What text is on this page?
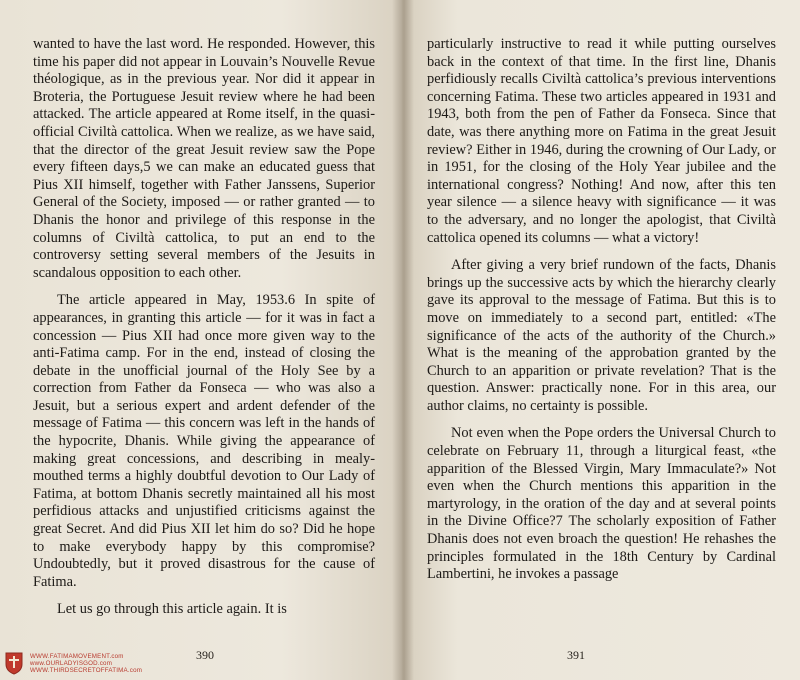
wanted to have the last word. He responded. However, this time his paper did not appear in Louvain’s Nouvelle Revue théologique, as in the previous year. Nor did it appear in Broteria, the Portuguese Jesuit review where he had been attacked. The article appeared at Rome itself, in the quasi-official Civiltà cattolica. When we realize, as we have said, that the director of the great Jesuit review saw the Pope every fifteen days,5 we can make an educated guess that Pius XII himself, together with Father Janssens, Superior General of the Society, imposed — or rather granted — to Dhanis the honor and privilege of this response in the columns of Civiltà cattolica, to put an end to the controversy setting several members of the Jesuits in scandalous opposition to each other.

The article appeared in May, 1953.6 In spite of appearances, in granting this article — for it was in fact a concession — Pius XII had once more given way to the anti-Fatima camp. For in the end, instead of closing the debate in the unofficial journal of the Holy See by a correction from Father da Fonseca — who was also a Jesuit, but a serious expert and ardent defender of the message of Fatima — this concern was left in the hands of the hypocrite, Dhanis. While giving the appearance of making great concessions, and describing in mealy-mouthed terms a highly doubtful devotion to Our Lady of Fatima, at bottom Dhanis secretly maintained all his most perfidious attacks and unjustified criticisms against the great Secret. And did Pius XII let him do so? Did he hope to make everybody happy by this compromise? Undoubtedly, but it proved disastrous for the cause of Fatima.

Let us go through this article again. It is

390
WWW.FATIMAMOVEMENT.com
www.OURLADYISGOD.com
WWW.THIRDSECRETOFFATIMA.com

particularly instructive to read it while putting ourselves back in the context of that time. In the first line, Dhanis perfidiously recalls Civiltà cattolica’s previous interventions concerning Fatima. These two articles appeared in 1931 and 1943, both from the pen of Father da Fonseca. Since that date, was there anything more on Fatima in the great Jesuit review? Either in 1946, during the crowning of Our Lady, or in 1951, for the closing of the Holy Year jubilee and the international congress? Nothing! And now, after this ten year silence — a silence heavy with significance — it was to the adversary, and no longer the apologist, that Civiltà cattolica opened its columns — what a victory!

After giving a very brief rundown of the facts, Dhanis brings up the successive acts by which the hierarchy clearly gave its approval to the message of Fatima. But this is to move on immediately to a second part, entitled: «The significance of the acts of the authority of the Church.» What is the meaning of the approbation granted by the Church to an apparition or private revelation? That is the question. Answer: practically none. For in this area, our author claims, no certainty is possible.

Not even when the Pope orders the Universal Church to celebrate on February 11, through a liturgical feast, «the apparition of the Blessed Virgin, Mary Immaculate?» Not even when the Church mentions this apparition in the martyrology, in the oration of the day and at several points in the Divine Office?7 The scholarly exposition of Father Dhanis does not even broach the question! He rehashes the principles formulated in the 18th Century by Cardinal Lambertini, he invokes a passage

391
